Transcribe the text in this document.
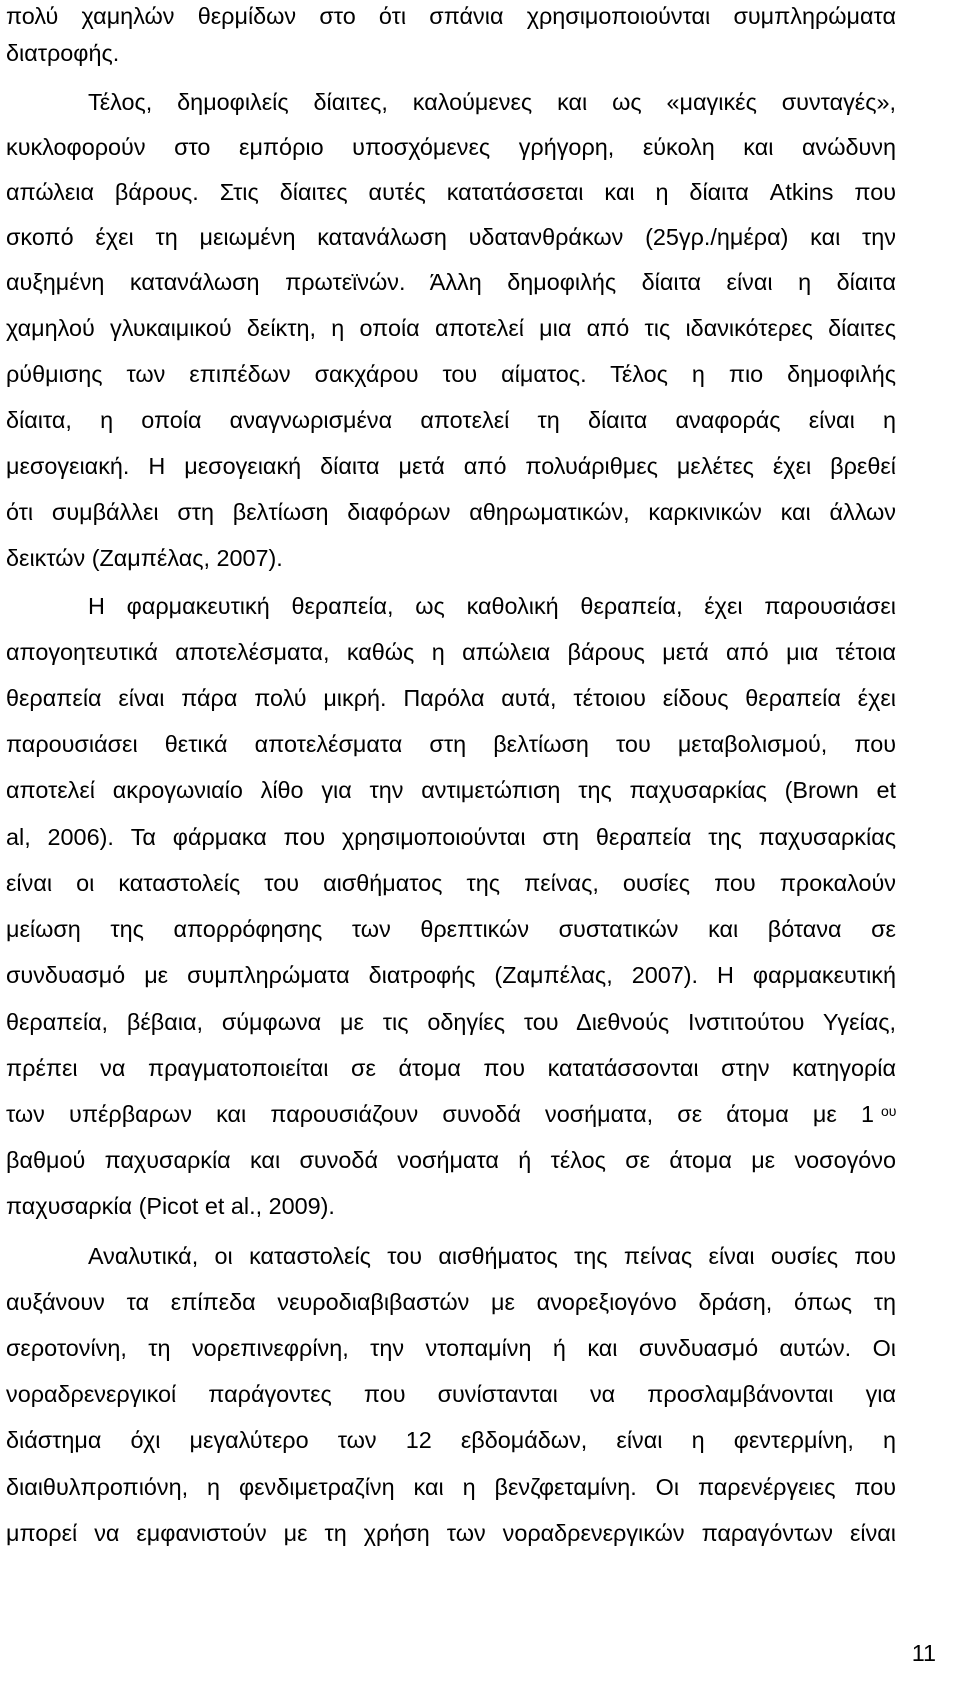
πολύ χαμηλών θερμίδων στο ότι σπάνια χρησιμοποιούνται συμπληρώματα
διατροφής.
Τέλος, δημοφιλείς δίαιτες, καλούμενες και ως «μαγικές συνταγές»,
κυκλοφορούν στο εμπόριο υποσχόμενες γρήγορη, εύκολη και ανώδυνη
απώλεια βάρους. Στις δίαιτες αυτές κατατάσσεται και η δίαιτα Atkins που
σκοπό έχει τη μειωμένη κατανάλωση υδατανθράκων (25γρ./ημέρα) και την
αυξημένη κατανάλωση πρωτεϊνών. Άλλη δημοφιλής δίαιτα είναι η δίαιτα
χαμηλού γλυκαιμικού δείκτη, η οποία αποτελεί μια από τις ιδανικότερες δίαιτες
ρύθμισης των επιπέδων σακχάρου του αίματος. Τέλος η πιο δημοφιλής
δίαιτα, η οποία αναγνωρισμένα αποτελεί τη δίαιτα αναφοράς είναι η
μεσογειακή. Η μεσογειακή δίαιτα μετά από πολυάριθμες μελέτες έχει βρεθεί
ότι συμβάλλει στη βελτίωση διαφόρων αθηρωματικών, καρκινικών και άλλων
δεικτών (Ζαμπέλας, 2007).
Η φαρμακευτική θεραπεία, ως καθολική θεραπεία, έχει παρουσιάσει
απογοητευτικά αποτελέσματα, καθώς η απώλεια βάρους μετά από μια τέτοια
θεραπεία είναι πάρα πολύ μικρή. Παρόλα αυτά, τέτοιου είδους θεραπεία έχει
παρουσιάσει θετικά αποτελέσματα στη βελτίωση του μεταβολισμού, που
αποτελεί ακρογωνιαίο λίθο για την αντιμετώπιση της παχυσαρκίας (Brown et
al, 2006). Τα φάρμακα που χρησιμοποιούνται στη θεραπεία της παχυσαρκίας
είναι οι καταστολείς του αισθήματος της πείνας, ουσίες που προκαλούν
μείωση της απορρόφησης των θρεπτικών συστατικών και βότανα σε
συνδυασμό με συμπληρώματα διατροφής (Ζαμπέλας, 2007). Η φαρμακευτική
θεραπεία, βέβαια, σύμφωνα με τις οδηγίες του Διεθνούς Ινστιτούτου Υγείας,
πρέπει να πραγματοποιείται σε άτομα που κατατάσσονται στην κατηγορία
των υπέρβαρων και παρουσιάζουν συνοδά νοσήματα, σε άτομα με 1 ου
βαθμού παχυσαρκία και συνοδά νοσήματα ή τέλος σε άτομα με νοσογόνο
παχυσαρκία (Picot et al., 2009).
Αναλυτικά, οι καταστολείς του αισθήματος της πείνας είναι ουσίες που
αυξάνουν τα επίπεδα νευροδιαβιβαστών με ανορεξιογόνο δράση, όπως τη
σεροτονίνη, τη νορεπινεφρίνη, την ντοπαμίνη ή και συνδυασμό αυτών. Οι
νοραδρενεργικοί παράγοντες που συνίστανται να προσλαμβάνονται για
διάστημα όχι μεγαλύτερο των 12 εβδομάδων, είναι η φεντερμίνη, η
διαιθυλπροπιόνη, η φενδιμετραζίνη και η βενζφεταμίνη. Οι παρενέργειες που
μπορεί να εμφανιστούν με τη χρήση των νοραδρενεργικών παραγόντων είναι
11
